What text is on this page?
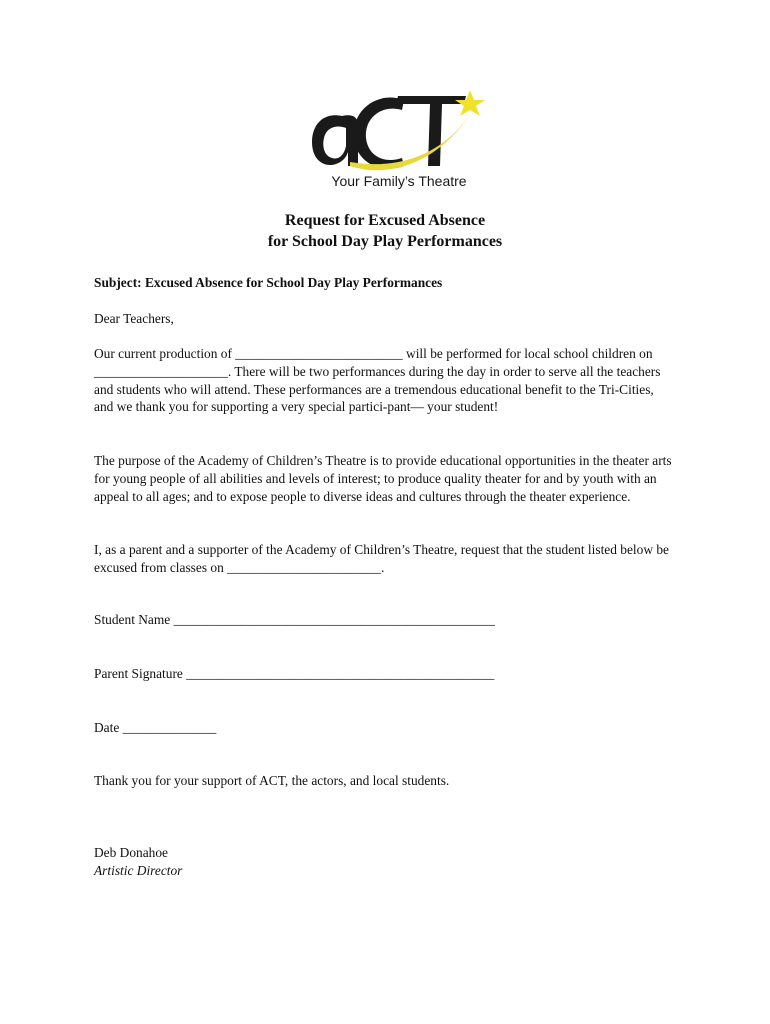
Your Family’s Theatre
Request for Excused Absence
for School Day Play Performances
Subject: Excused Absence for School Day Play Performances
Dear Teachers,
Our current production of _________________________ will be performed for local school children on ____________________. There will be two performances during the day in order to serve all the teachers and students who will attend. These performances are a tremendous educational benefit to the Tri-Cities, and we thank you for supporting a very special partici-pant— your student!
The purpose of the Academy of Children’s Theatre is to provide educational opportunities in the theater arts for young people of all abilities and levels of interest; to produce quality theater for and by youth with an appeal to all ages; and to expose people to diverse ideas and cultures through the theater experience.
I, as a parent and a supporter of the Academy of Children’s Theatre, request that the student listed below be excused from classes on _______________________.
Student Name ________________________________________________
Parent Signature ______________________________________________
Date ______________
Thank you for your support of ACT, the actors, and local students.
Deb Donahoe
Artistic Director
